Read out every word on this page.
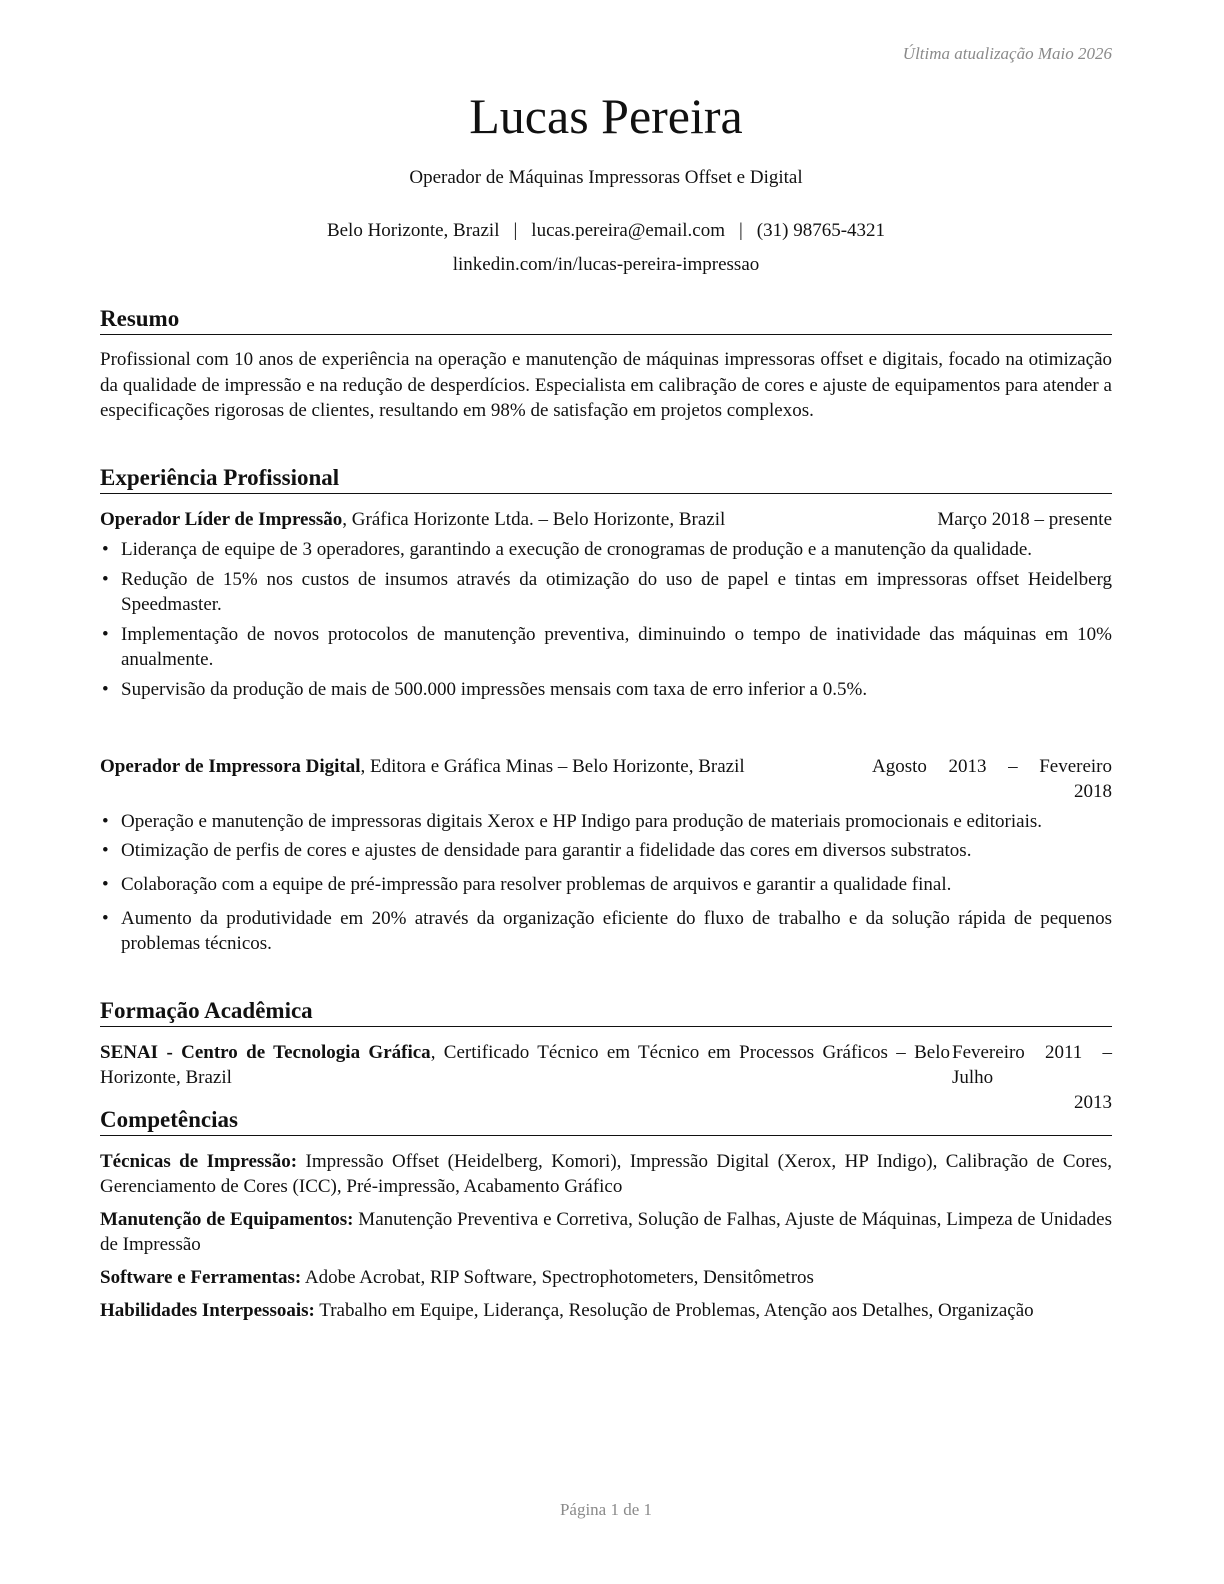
Última atualização Maio 2026
Lucas Pereira
Operador de Máquinas Impressoras Offset e Digital
Belo Horizonte, Brazil | lucas.pereira@email.com | (31) 98765-4321
linkedin.com/in/lucas-pereira-impressao
Resumo
Profissional com 10 anos de experiência na operação e manutenção de máquinas impressoras offset e digitais, focado na otimização da qualidade de impressão e na redução de desperdícios. Especialista em calibração de cores e ajuste de equipamentos para atender a especificações rigorosas de clientes, resultando em 98% de satisfação em projetos complexos.
Experiência Profissional
Operador Líder de Impressão, Gráfica Horizonte Ltda. – Belo Horizonte, Brazil	Março 2018 – presente
• Liderança de equipe de 3 operadores, garantindo a execução de cronogramas de produção e a manutenção da qualidade.
• Redução de 15% nos custos de insumos através da otimização do uso de papel e tintas em impressoras offset Heidelberg Speedmaster.
• Implementação de novos protocolos de manutenção preventiva, diminuindo o tempo de inatividade das máquinas em 10% anualmente.
• Supervisão da produção de mais de 500.000 impressões mensais com taxa de erro inferior a 0.5%.
Operador de Impressora Digital, Editora e Gráfica Minas – Belo Horizonte, Brazil	Agosto 2013 – Fevereiro
2018
• Operação e manutenção de impressoras digitais Xerox e HP Indigo para produção de materiais promocionais e editoriais.
• Otimização de perfis de cores e ajustes de densidade para garantir a fidelidade das cores em diversos substratos.
• Colaboração com a equipe de pré-impressão para resolver problemas de arquivos e garantir a qualidade final.
• Aumento da produtividade em 20% através da organização eficiente do fluxo de trabalho e da solução rápida de pequenos problemas técnicos.
Formação Acadêmica
SENAI - Centro de Tecnologia Gráfica, Certificado Técnico em Técnico em Processos Gráficos – Belo Horizonte, Brazil
Fevereiro 2011 – Julho
2013
Competências
Técnicas de Impressão: Impressão Offset (Heidelberg, Komori), Impressão Digital (Xerox, HP Indigo), Calibração de Cores, Gerenciamento de Cores (ICC), Pré-impressão, Acabamento Gráfico
Manutenção de Equipamentos: Manutenção Preventiva e Corretiva, Solução de Falhas, Ajuste de Máquinas, Limpeza de Unidades de Impressão
Software e Ferramentas: Adobe Acrobat, RIP Software, Spectrophotometers, Densitômetros
Habilidades Interpessoais: Trabalho em Equipe, Liderança, Resolução de Problemas, Atenção aos Detalhes, Organização
Página 1 de 1
